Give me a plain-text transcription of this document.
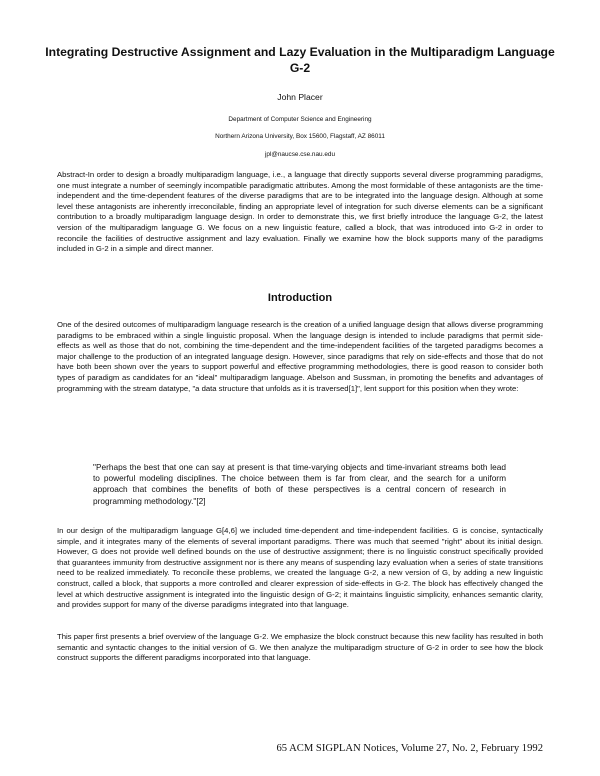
Integrating Destructive Assignment and Lazy Evaluation in the Multiparadigm Language G-2
John Placer
Department of Computer Science and Engineering
Northern Arizona University, Box 15600, Flagstaff, AZ 86011
jpl@naucse.cse.nau.edu

Abstract-In order to design a broadly multiparadigm language, i.e., a language that directly supports several diverse programming paradigms, one must integrate a number of seemingly incompatible paradigmatic attributes. Among the most formidable of these antagonists are the time-independent and the time-dependent features of the diverse paradigms that are to be integrated into the language design. Although at some level these antagonists are inherently irreconcilable, finding an appropriate level of integration for such diverse elements can be a significant contribution to a broadly multiparadigm language design. In order to demonstrate this, we first briefly introduce the language G-2, the latest version of the multiparadigm language G. We focus on a new linguistic feature, called a block, that was introduced into G-2 in order to reconcile the facilities of destructive assignment and lazy evaluation. Finally we examine how the block supports many of the paradigms included in G-2 in a simple and direct manner.

Introduction

One of the desired outcomes of multiparadigm language research is the creation of a unified language design that allows diverse programming paradigms to be embraced within a single linguistic proposal. When the language design is intended to include paradigms that permit side-effects as well as those that do not, combining the time-dependent and the time-independent facilities of the targeted paradigms becomes a major challenge to the production of an integrated language design. However, since paradigms that rely on side-effects and those that do not have both been shown over the years to support powerful and effective programming methodologies, there is good reason to consider both types of paradigm as candidates for an "ideal" multiparadigm language. Abelson and Sussman, in promoting the benefits and advantages of programming with the stream datatype, "a data structure that unfolds as it is traversed[1]", lent support for this position when they wrote:

"Perhaps the best that one can say at present is that time-varying objects and time-invariant streams both lead to powerful modeling disciplines. The choice between them is far from clear, and the search for a uniform approach that combines the benefits of both of these perspectives is a central concern of research in programming methodology."[2]

In our design of the multiparadigm language G[4,6] we included time-dependent and time-independent facilities. G is concise, syntactically simple, and it integrates many of the elements of several important paradigms. There was much that seemed "right" about its initial design. However, G does not provide well defined bounds on the use of destructive assignment; there is no linguistic construct specifically provided that guarantees immunity from destructive assignment nor is there any means of suspending lazy evaluation when a series of state transitions need to be realized immediately. To reconcile these problems, we created the language G-2, a new version of G, by adding a new linguistic construct, called a block, that supports a more controlled and clearer expression of side-effects in G-2. The block has effectively changed the level at which destructive assignment is integrated into the linguistic design of G-2; it maintains linguistic simplicity, enhances semantic clarity, and provides support for many of the diverse paradigms integrated into that language.

This paper first presents a brief overview of the language G-2. We emphasize the block construct because this new facility has resulted in both semantic and syntactic changes to the initial version of G. We then analyze the multiparadigm structure of G-2 in order to see how the block construct supports the different paradigms incorporated into that language.

65 ACM SIGPLAN Notices, Volume 27, No. 2, February 1992
